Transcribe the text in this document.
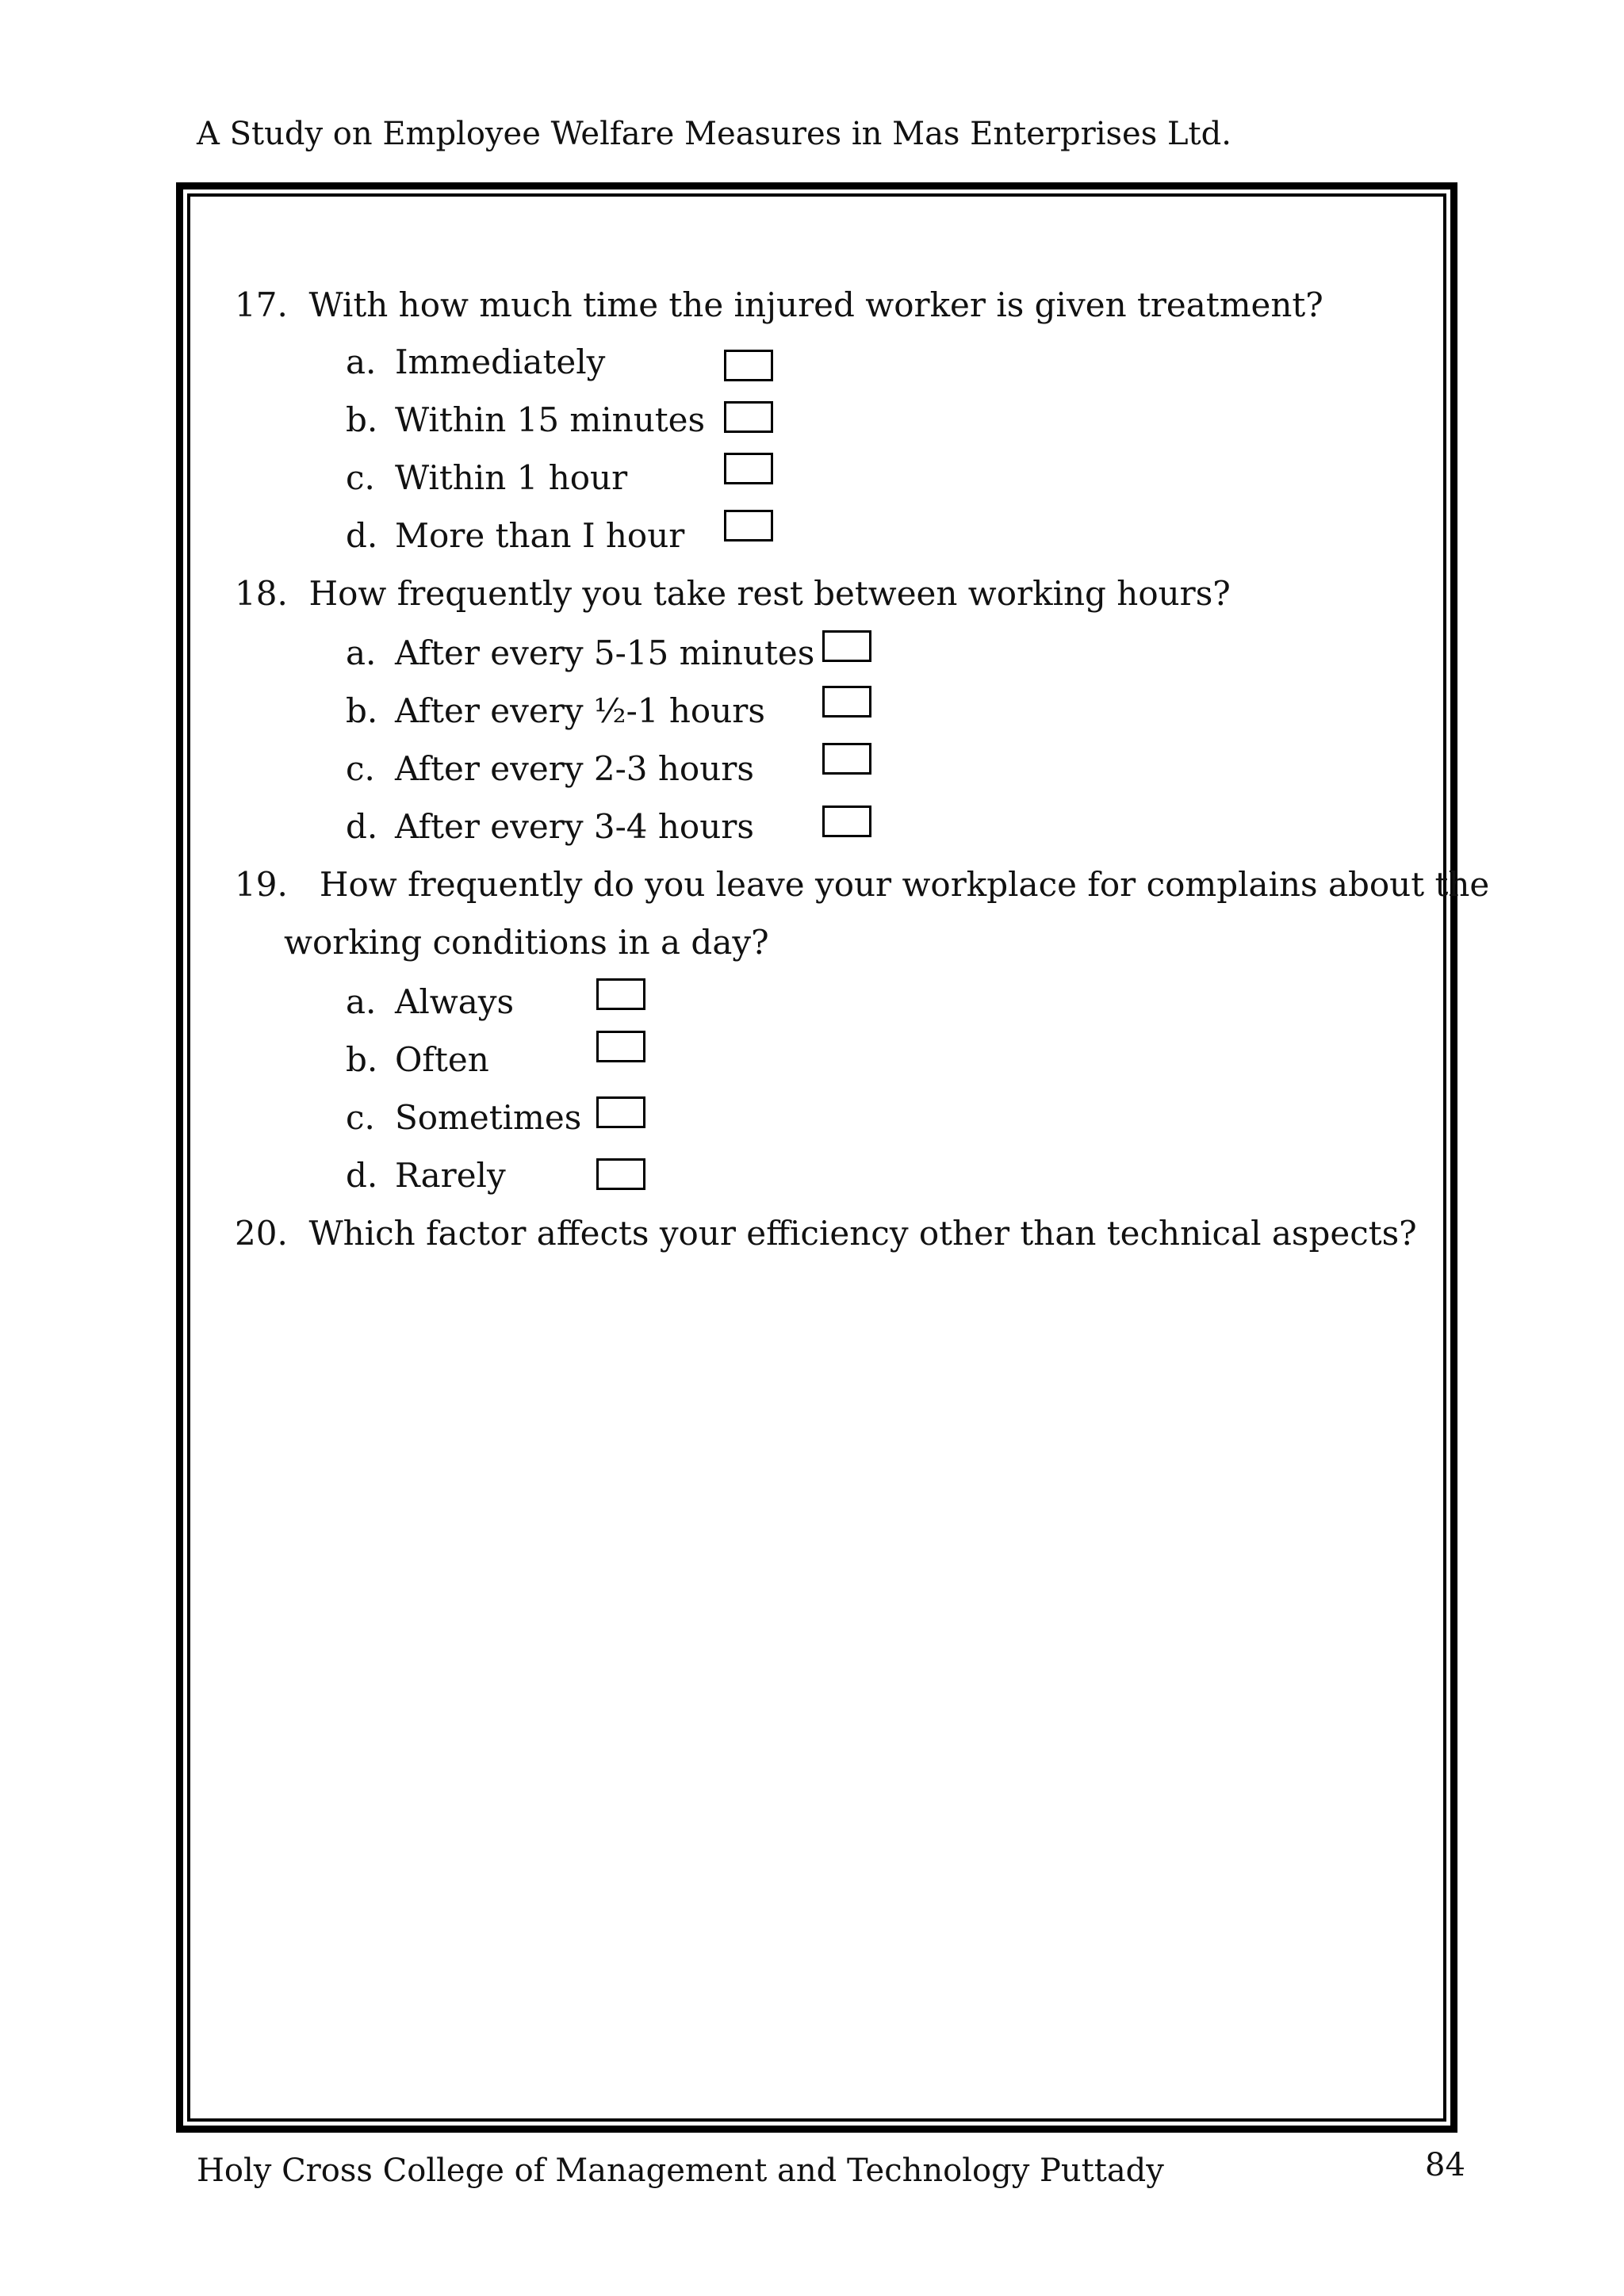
A Study on Employee Welfare Measures in Mas Enterprises Ltd.
17. With how much time the injured worker is given treatment?
a. Immediately
b. Within 15 minutes
c. Within 1 hour
d. More than I hour
18. How frequently you take rest between working hours?
a. After every 5-15 minutes
b. After every ½-1 hours
c. After every 2-3 hours
d. After every 3-4 hours
19. How frequently do you leave your workplace for complains about the
working conditions in a day?
a. Always
b. Often
c. Sometimes
d. Rarely
20. Which factor affects your efficiency other than technical aspects?
Holy Cross College of Management and Technology Puttady	84
